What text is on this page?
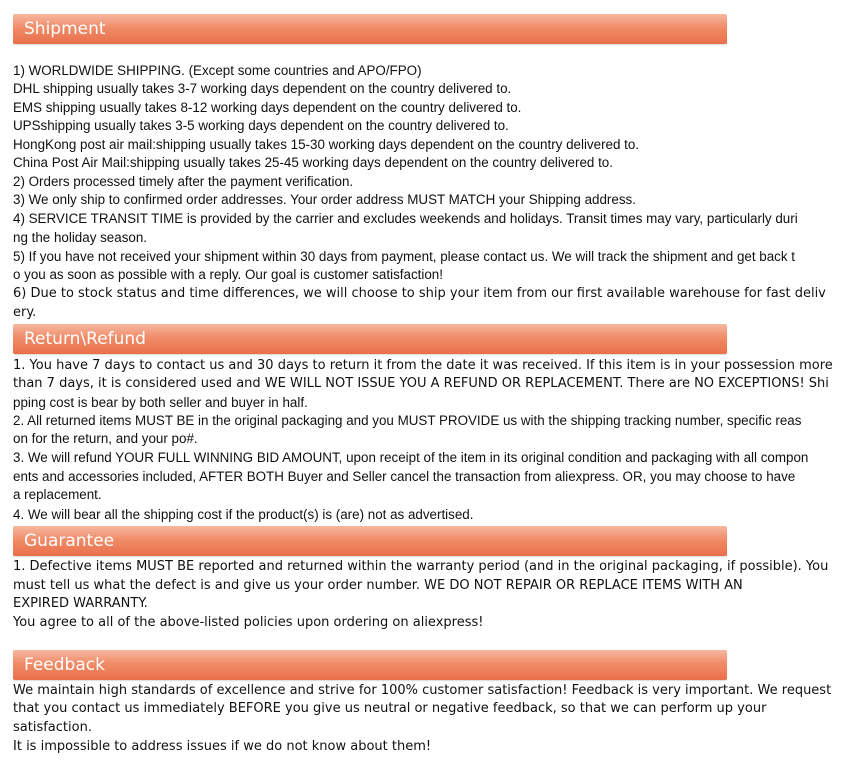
Shipment
1) WORLDWIDE SHIPPING. (Except some countries and APO/FPO)
DHL shipping usually takes 3-7 working days dependent on the country delivered to.
EMS shipping usually takes 8-12 working days dependent on the country delivered to.
UPSshipping usually takes 3-5 working days dependent on the country delivered to.
HongKong post air mail:shipping usually takes 15-30 working days dependent on the country delivered to.
China Post Air Mail:shipping usually takes 25-45 working days dependent on the country delivered to.
2) Orders processed timely after the payment verification.
3) We only ship to confirmed order addresses. Your order address MUST MATCH your Shipping address.
4) SERVICE TRANSIT TIME is provided by the carrier and excludes weekends and holidays. Transit times may vary, particularly duri
ng the holiday season.
5) If you have not received your shipment within 30 days from payment, please contact us. We will track the shipment and get back t
o you as soon as possible with a reply. Our goal is customer satisfaction!
6) Due to stock status and time differences, we will choose to ship your item from our first available warehouse for fast deliv
ery.
Return\Refund
1. You have 7 days to contact us and 30 days to return it from the date it was received. If this item is in your possession more
than 7 days, it is considered used and WE WILL NOT ISSUE YOU A REFUND OR REPLACEMENT. There are NO EXCEPTIONS! Shi
pping cost is bear by both seller and buyer in half.
2. All returned items MUST BE in the original packaging and you MUST PROVIDE us with the shipping tracking number, specific reas
on for the return, and your po#.
3. We will refund YOUR FULL WINNING BID AMOUNT, upon receipt of the item in its original condition and packaging with all compon
ents and accessories included, AFTER BOTH Buyer and Seller cancel the transaction from aliexpress. OR, you may choose to have
a replacement.
4. We will bear all the shipping cost if the product(s) is (are) not as advertised.
Guarantee
1. Defective items MUST BE reported and returned within the warranty period (and in the original packaging, if possible). You
must tell us what the defect is and give us your order number. WE DO NOT REPAIR OR REPLACE ITEMS WITH AN
EXPIRED WARRANTY.
You agree to all of the above-listed policies upon ordering on aliexpress!
Feedback
We maintain high standards of excellence and strive for 100% customer satisfaction! Feedback is very important. We request
that you contact us immediately BEFORE you give us neutral or negative feedback, so that we can perform up your
satisfaction.
It is impossible to address issues if we do not know about them!
